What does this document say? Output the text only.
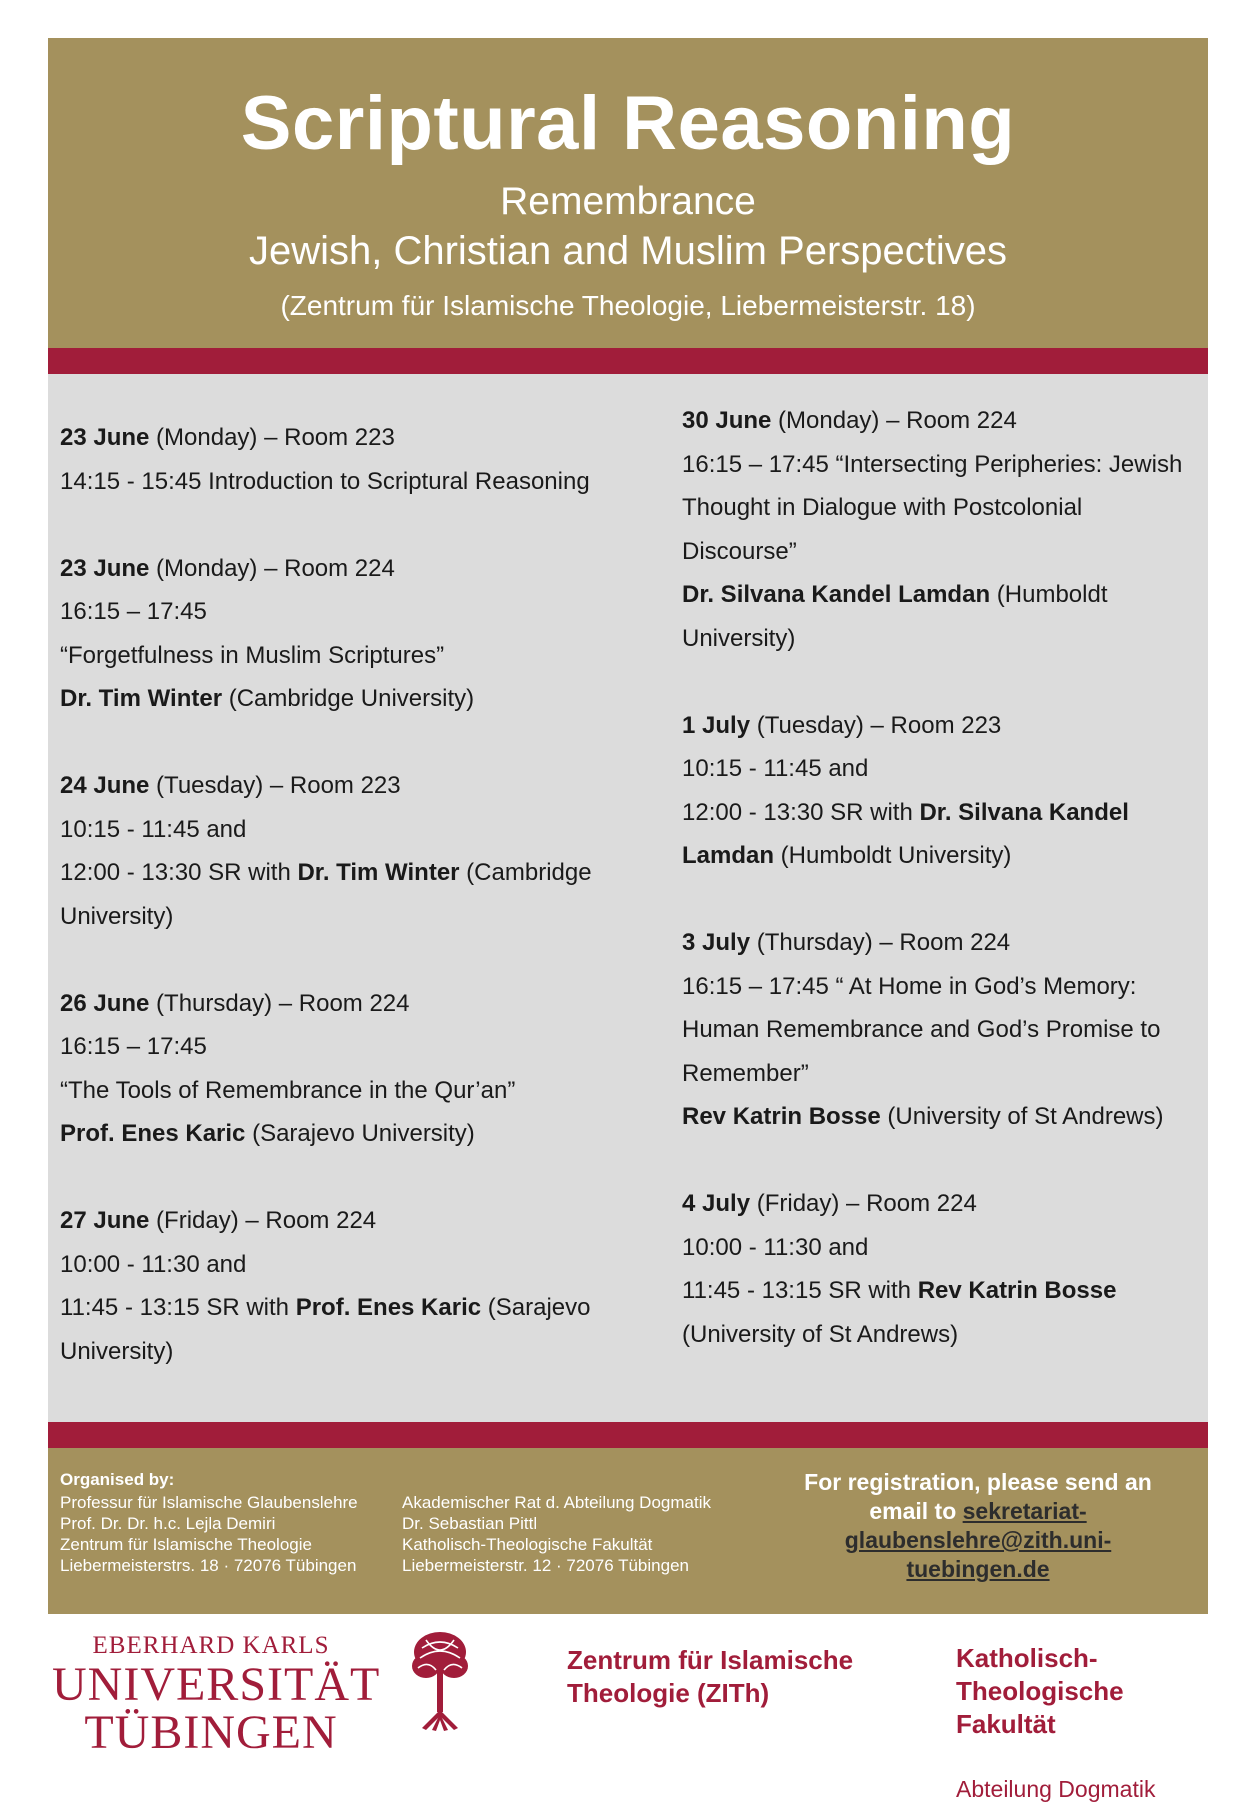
Scriptural Reasoning
Remembrance
Jewish, Christian and Muslim Perspectives
(Zentrum für Islamische Theologie, Liebermeisterstr. 18)
23 June (Monday) – Room 223
14:15 - 15:45 Introduction to Scriptural Reasoning
23 June (Monday) – Room 224
16:15 – 17:45
“Forgetfulness in Muslim Scriptures”
Dr. Tim Winter (Cambridge University)
24 June (Tuesday) – Room 223
10:15 - 11:45 and
12:00 - 13:30 SR with Dr. Tim Winter (Cambridge University)
26 June (Thursday) – Room 224
16:15 – 17:45
“The Tools of Remembrance in the Qur’an”
Prof. Enes Karic (Sarajevo University)
27 June (Friday) – Room 224
10:00 - 11:30 and
11:45 - 13:15 SR with Prof. Enes Karic (Sarajevo University)
30 June (Monday) – Room 224
16:15 – 17:45 “Intersecting Peripheries: Jewish Thought in Dialogue with Postcolonial Discourse”
Dr. Silvana Kandel Lamdan (Humboldt University)
1 July (Tuesday) – Room 223
10:15 - 11:45 and
12:00 - 13:30 SR with Dr. Silvana Kandel Lamdan (Humboldt University)
3 July (Thursday) – Room 224
16:15 – 17:45 “ At Home in God’s Memory: Human Remembrance and God’s Promise to Remember”
Rev Katrin Bosse (University of St Andrews)
4 July (Friday) – Room 224
10:00 - 11:30 and
11:45 - 13:15 SR with Rev Katrin Bosse (University of St Andrews)
Organised by:
Professur für Islamische Glaubenslehre
Prof. Dr. Dr. h.c. Lejla Demiri
Zentrum für Islamische Theologie
Liebermeisterstrs. 18 · 72076 Tübingen
Akademischer Rat d. Abteilung Dogmatik
Dr. Sebastian Pittl
Katholisch-Theologische Fakultät
Liebermeisterstr. 12 · 72076 Tübingen
For registration, please send an email to sekretariat-glaubenslehre@zith.uni-tuebingen.de
EBERHARD KARLS
UNIVERSITÄT
TÜBINGEN
Zentrum für Islamische
Theologie (ZITh)
Katholisch-
Theologische
Fakultät
Abteilung Dogmatik
